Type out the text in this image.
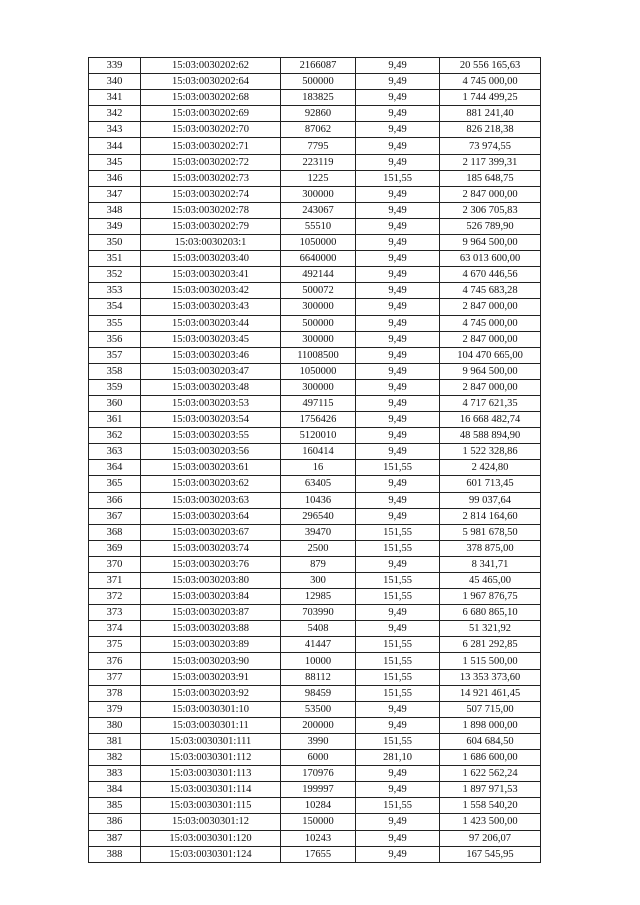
339	15:03:0030202:62	2166087	9,49	20 556 165,63
340	15:03:0030202:64	500000	9,49	4 745 000,00
341	15:03:0030202:68	183825	9,49	1 744 499,25
342	15:03:0030202:69	92860	9,49	881 241,40
343	15:03:0030202:70	87062	9,49	826 218,38
344	15:03:0030202:71	7795	9,49	73 974,55
345	15:03:0030202:72	223119	9,49	2 117 399,31
346	15:03:0030202:73	1225	151,55	185 648,75
347	15:03:0030202:74	300000	9,49	2 847 000,00
348	15:03:0030202:78	243067	9,49	2 306 705,83
349	15:03:0030202:79	55510	9,49	526 789,90
350	15:03:0030203:1	1050000	9,49	9 964 500,00
351	15:03:0030203:40	6640000	9,49	63 013 600,00
352	15:03:0030203:41	492144	9,49	4 670 446,56
353	15:03:0030203:42	500072	9,49	4 745 683,28
354	15:03:0030203:43	300000	9,49	2 847 000,00
355	15:03:0030203:44	500000	9,49	4 745 000,00
356	15:03:0030203:45	300000	9,49	2 847 000,00
357	15:03:0030203:46	11008500	9,49	104 470 665,00
358	15:03:0030203:47	1050000	9,49	9 964 500,00
359	15:03:0030203:48	300000	9,49	2 847 000,00
360	15:03:0030203:53	497115	9,49	4 717 621,35
361	15:03:0030203:54	1756426	9,49	16 668 482,74
362	15:03:0030203:55	5120010	9,49	48 588 894,90
363	15:03:0030203:56	160414	9,49	1 522 328,86
364	15:03:0030203:61	16	151,55	2 424,80
365	15:03:0030203:62	63405	9,49	601 713,45
366	15:03:0030203:63	10436	9,49	99 037,64
367	15:03:0030203:64	296540	9,49	2 814 164,60
368	15:03:0030203:67	39470	151,55	5 981 678,50
369	15:03:0030203:74	2500	151,55	378 875,00
370	15:03:0030203:76	879	9,49	8 341,71
371	15:03:0030203:80	300	151,55	45 465,00
372	15:03:0030203:84	12985	151,55	1 967 876,75
373	15:03:0030203:87	703990	9,49	6 680 865,10
374	15:03:0030203:88	5408	9,49	51 321,92
375	15:03:0030203:89	41447	151,55	6 281 292,85
376	15:03:0030203:90	10000	151,55	1 515 500,00
377	15:03:0030203:91	88112	151,55	13 353 373,60
378	15:03:0030203:92	98459	151,55	14 921 461,45
379	15:03:0030301:10	53500	9,49	507 715,00
380	15:03:0030301:11	200000	9,49	1 898 000,00
381	15:03:0030301:111	3990	151,55	604 684,50
382	15:03:0030301:112	6000	281,10	1 686 600,00
383	15:03:0030301:113	170976	9,49	1 622 562,24
384	15:03:0030301:114	199997	9,49	1 897 971,53
385	15:03:0030301:115	10284	151,55	1 558 540,20
386	15:03:0030301:12	150000	9,49	1 423 500,00
387	15:03:0030301:120	10243	9,49	97 206,07
388	15:03:0030301:124	17655	9,49	167 545,95
